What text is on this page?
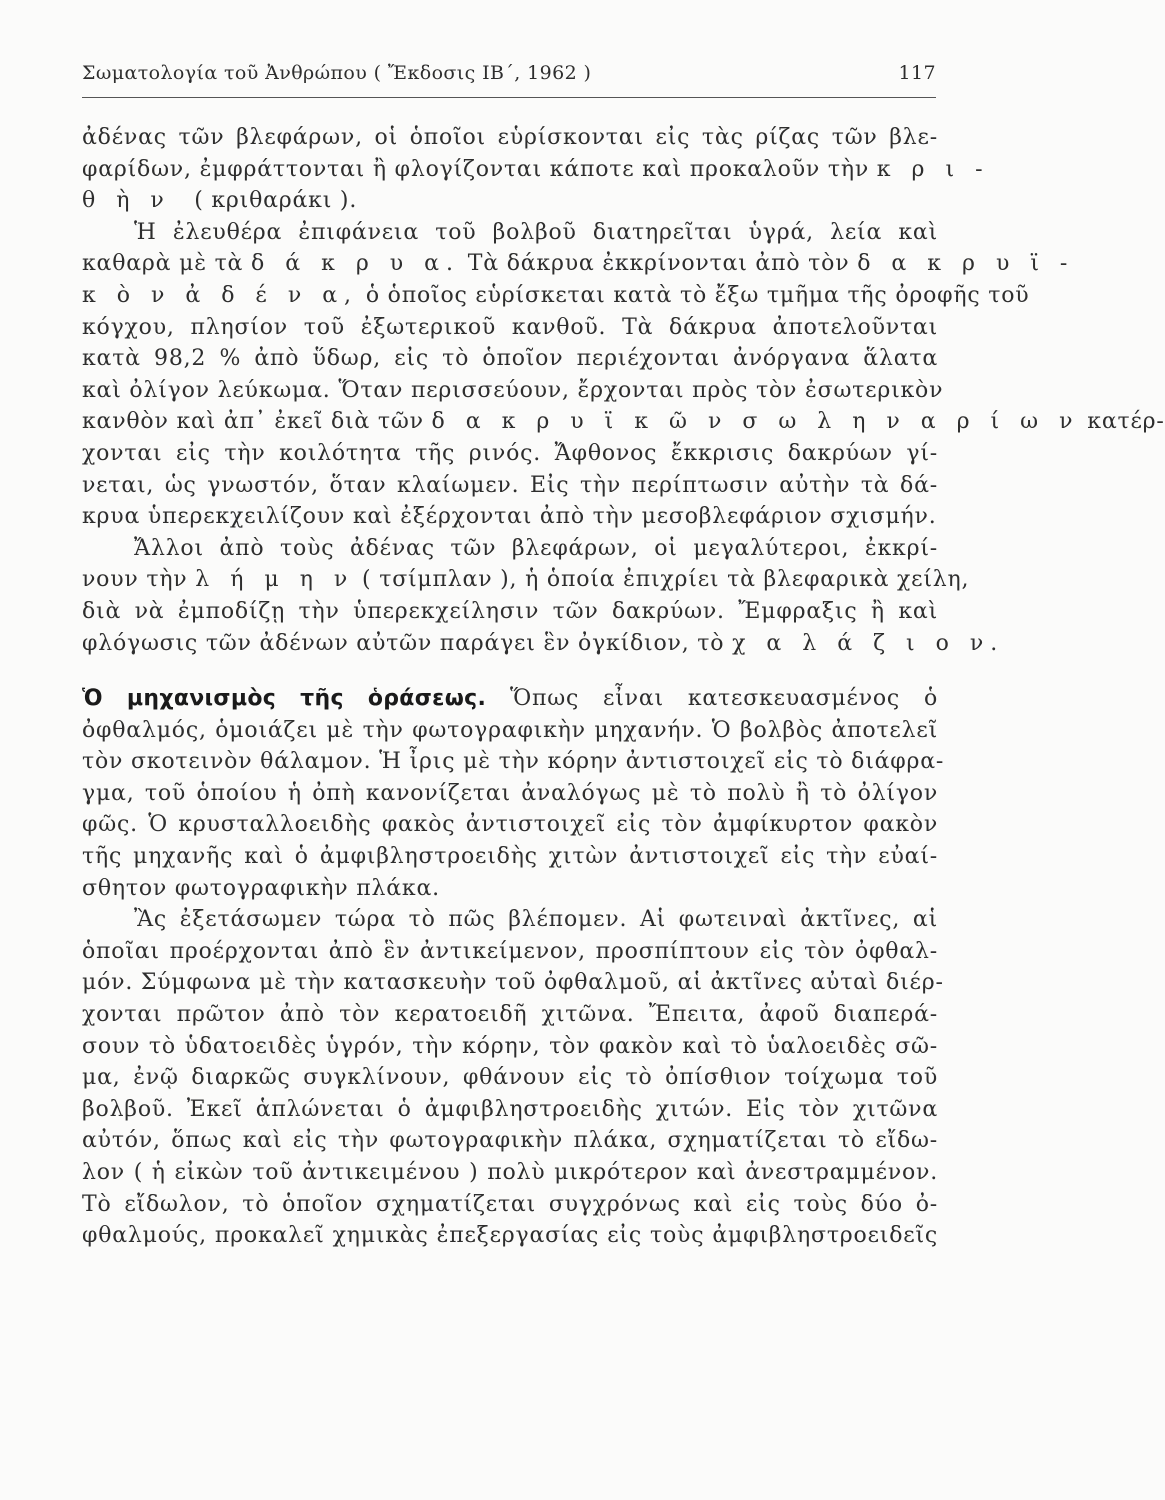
Σωματολογία τοῦ Ἀνθρώπου ( Ἔκδοσις ΙΒ΄, 1962 )	117
ἀδένας τῶν βλεφάρων, οἱ ὁποῖοι εὑρίσκονται εἰς τὰς ρίζας τῶν βλε-
φαρίδων, ἐμφράττονται ἢ φλογίζονται κάποτε καὶ προκαλοῦν τὴν κ ρ ι -
θ ὴ ν ( κριθαράκι ).
Ἡ ἐλευθέρα ἐπιφάνεια τοῦ βολβοῦ διατηρεῖται ὑγρά, λεία καὶ
καθαρὰ μὲ τὰ δ ά κ ρ υ α. Τὰ δάκρυα ἐκκρίνονται ἀπὸ τὸν δ α κ ρ υ ϊ -
κ ὸ ν ἀ δ έ ν α, ὁ ὁποῖος εὑρίσκεται κατὰ τὸ ἔξω τμῆμα τῆς ὀροφῆς τοῦ
κόγχου, πλησίον τοῦ ἐξωτερικοῦ κανθοῦ. Τὰ δάκρυα ἀποτελοῦνται
κατὰ 98,2 % ἀπὸ ὕδωρ, εἰς τὸ ὁποῖον περιέχονται ἀνόργανα ἅλατα
καὶ ὀλίγον λεύκωμα. Ὅταν περισσεύουν, ἔρχονται πρὸς τὸν ἐσωτερικὸν
κανθὸν καὶ ἀπ᾽ ἐκεῖ διὰ τῶν δ α κ ρ υ ϊ κ ῶ ν σ ω λ η ν α ρ ί ω ν κατέρ-
χονται εἰς τὴν κοιλότητα τῆς ρινός. Ἄφθονος ἔκκρισις δακρύων γί-
νεται, ὡς γνωστόν, ὅταν κλαίωμεν. Εἰς τὴν περίπτωσιν αὐτὴν τὰ δά-
κρυα ὑπερεκχειλίζουν καὶ ἐξέρχονται ἀπὸ τὴν μεσοβλεφάριον σχισμήν.
Ἄλλοι ἀπὸ τοὺς ἀδένας τῶν βλεφάρων, οἱ μεγαλύτεροι, ἐκκρί-
νουν τὴν λ ή μ η ν ( τσίμπλαν ), ἡ ὁποία ἐπιχρίει τὰ βλεφαρικὰ χείλη,
διὰ νὰ ἐμποδίζῃ τὴν ὑπερεκχείλησιν τῶν δακρύων. Ἔμφραξις ἢ καὶ
φλόγωσις τῶν ἀδένων αὐτῶν παράγει ἓν ὀγκίδιον, τὸ χ α λ ά ζ ι ο ν.
Ὁ μηχανισμὸς τῆς ὁράσεως. Ὅπως εἶναι κατεσκευασμένος ὁ
ὀφθαλμός, ὁμοιάζει μὲ τὴν φωτογραφικὴν μηχανήν. Ὁ βολβὸς ἀποτελεῖ
τὸν σκοτεινὸν θάλαμον. Ἡ ἶρις μὲ τὴν κόρην ἀντιστοιχεῖ εἰς τὸ διάφρα-
γμα, τοῦ ὁποίου ἡ ὀπὴ κανονίζεται ἀναλόγως μὲ τὸ πολὺ ἢ τὸ ὀλίγον
φῶς. Ὁ κρυσταλλοειδὴς φακὸς ἀντιστοιχεῖ εἰς τὸν ἀμφίκυρτον φακὸν
τῆς μηχανῆς καὶ ὁ ἀμφιβληστροειδὴς χιτὼν ἀντιστοιχεῖ εἰς τὴν εὐαί-
σθητον φωτογραφικὴν πλάκα.
Ἂς ἐξετάσωμεν τώρα τὸ πῶς βλέπομεν. Αἱ φωτειναὶ ἀκτῖνες, αἱ
ὁποῖαι προέρχονται ἀπὸ ἓν ἀντικείμενον, προσπίπτουν εἰς τὸν ὀφθαλ-
μόν. Σύμφωνα μὲ τὴν κατασκευὴν τοῦ ὀφθαλμοῦ, αἱ ἀκτῖνες αὐταὶ διέρ-
χονται πρῶτον ἀπὸ τὸν κερατοειδῆ χιτῶνα. Ἔπειτα, ἀφοῦ διαπερά-
σουν τὸ ὑδατοειδὲς ὑγρόν, τὴν κόρην, τὸν φακὸν καὶ τὸ ὑαλοειδὲς σῶ-
μα, ἐνῷ διαρκῶς συγκλίνουν, φθάνουν εἰς τὸ ὀπίσθιον τοίχωμα τοῦ
βολβοῦ. Ἐκεῖ ἁπλώνεται ὁ ἀμφιβληστροειδὴς χιτών. Εἰς τὸν χιτῶνα
αὐτόν, ὅπως καὶ εἰς τὴν φωτογραφικὴν πλάκα, σχηματίζεται τὸ εἴδω-
λον ( ἡ εἰκὼν τοῦ ἀντικειμένου ) πολὺ μικρότερον καὶ ἀνεστραμμένον.
Τὸ εἴδωλον, τὸ ὁποῖον σχηματίζεται συγχρόνως καὶ εἰς τοὺς δύο ὀ-
φθαλμούς, προκαλεῖ χημικὰς ἐπεξεργασίας εἰς τοὺς ἀμφιβληστροειδεῖς
